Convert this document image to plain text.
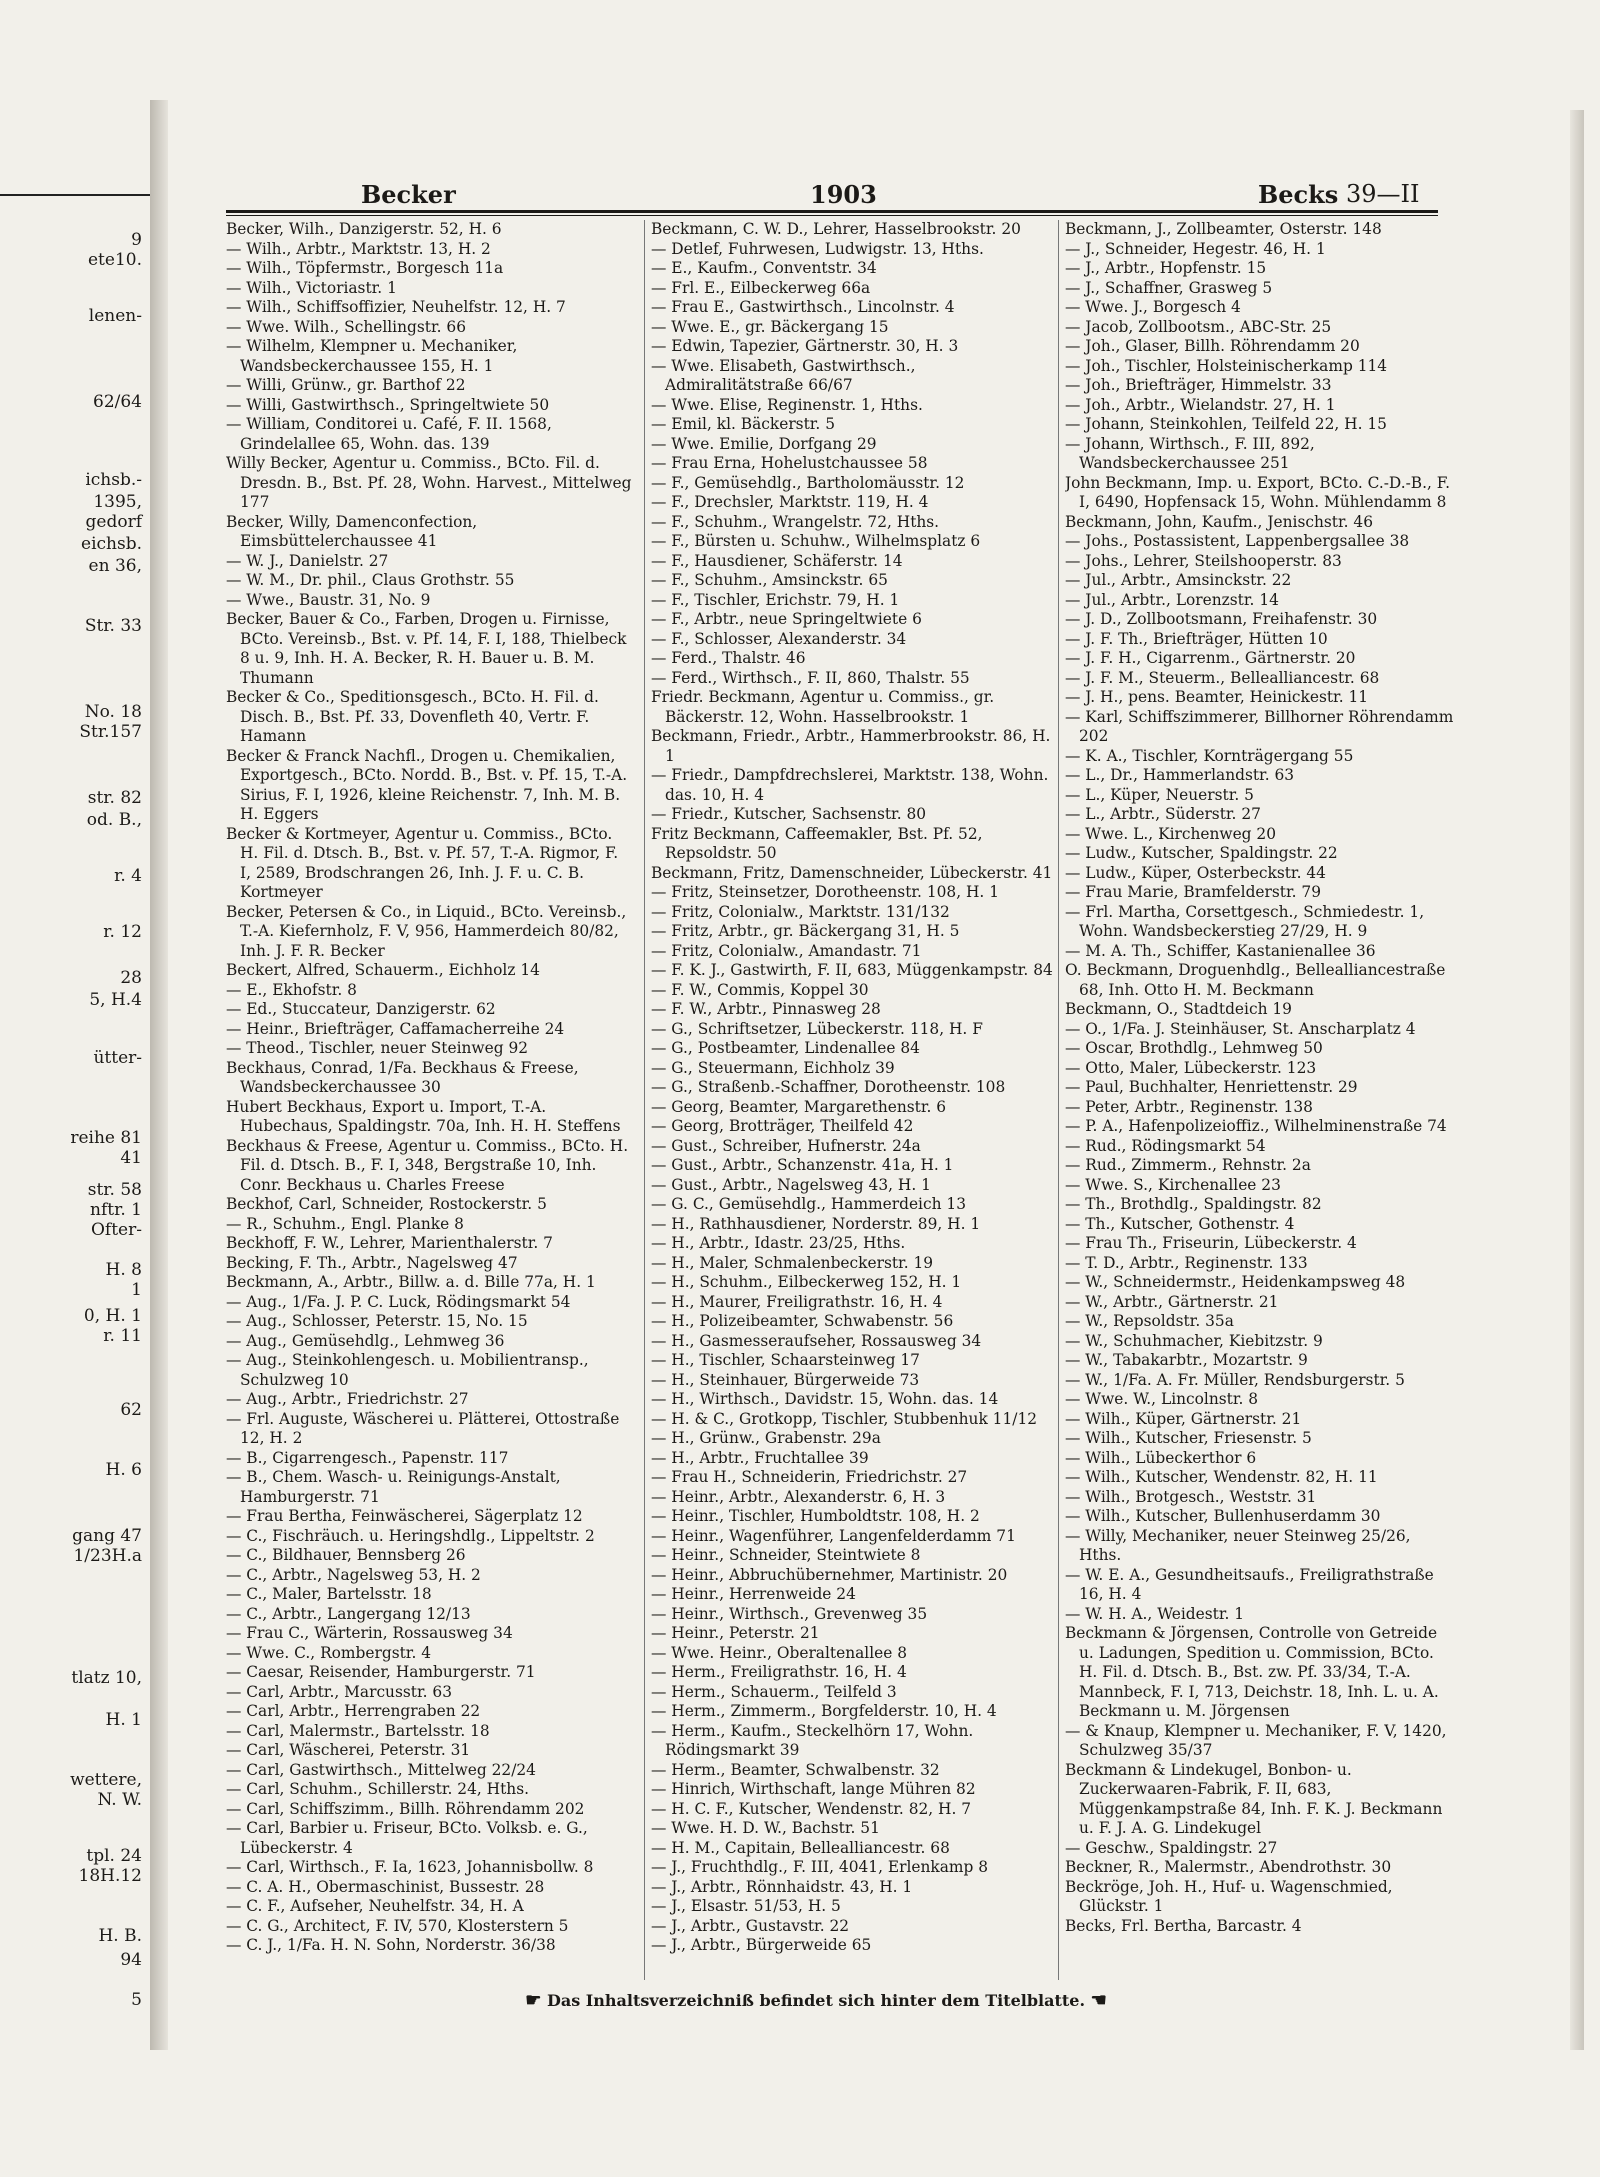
9
ete10.
lenen-
62/64
ichsb.-
1395,
gedorf
eichsb.
en 36,
Str. 33
No. 18
Str.157
str. 82
od. B.,
r. 4
r. 12
28
5, H.4
ütter-
reihe 81
41
str. 58
nftr. 1
Ofter-
H. 8
1
0, H. 1
r. 11
62
H. 6
gang 47
1/23H.a
tlatz 10,
H. 1
wettere,
N. W.
tpl. 24
18H.12
H. B.
94
5
Becker	1903	Becks 39—II

Becker, Wilh., Danzigerstr. 52, H. 6

— Wilh., Arbtr., Marktstr. 13, H. 2

— Wilh., Töpfermstr., Borgesch 11a

— Wilh., Victoriastr. 1

— Wilh., Schiffsoffizier, Neuhelfstr. 12, H. 7

— Wwe. Wilh., Schellingstr. 66

— Wilhelm, Klempner u. Mechaniker, Wandsbeckerchaussee 155, H. 1

— Willi, Grünw., gr. Barthof 22

— Willi, Gastwirthsch., Springeltwiete 50

— William, Conditorei u. Café, F. II. 1568, Grindelallee 65, Wohn. das. 139

Willy Becker, Agentur u. Commiss., BCto. Fil. d. Dresdn. B., Bst. Pf. 28, Wohn. Harvest., Mittelweg 177

Becker, Willy, Damenconfection, Eimsbüttelerchaussee 41

— W. J., Danielstr. 27

— W. M., Dr. phil., Claus Grothstr. 55

— Wwe., Baustr. 31, No. 9

Becker, Bauer & Co., Farben, Drogen u. Firnisse, BCto. Vereinsb., Bst. v. Pf. 14, F. I, 188, Thielbeck 8 u. 9, Inh. H. A. Becker, R. H. Bauer u. B. M. Thumann

Becker & Co., Speditionsgesch., BCto. H. Fil. d. Disch. B., Bst. Pf. 33, Dovenfleth 40, Vertr. F. Hamann

Becker & Franck Nachfl., Drogen u. Chemikalien, Exportgesch., BCto. Nordd. B., Bst. v. Pf. 15, T.-A. Sirius, F. I, 1926, kleine Reichenstr. 7, Inh. M. B. H. Eggers

Becker & Kortmeyer, Agentur u. Commiss., BCto. H. Fil. d. Dtsch. B., Bst. v. Pf. 57, T.-A. Rigmor, F. I, 2589, Brodschrangen 26, Inh. J. F. u. C. B. Kortmeyer

Becker, Petersen & Co., in Liquid., BCto. Vereinsb., T.-A. Kiefernholz, F. V, 956, Hammerdeich 80/82, Inh. J. F. R. Becker

Beckert, Alfred, Schauerm., Eichholz 14

— E., Ekhofstr. 8

— Ed., Stuccateur, Danzigerstr. 62

— Heinr., Briefträger, Caffamacherreihe 24

— Theod., Tischler, neuer Steinweg 92

Beckhaus, Conrad, 1/Fa. Beckhaus & Freese, Wandsbeckerchaussee 30

Hubert Beckhaus, Export u. Import, T.-A. Hubechaus, Spaldingstr. 70a, Inh. H. H. Steffens

Beckhaus & Freese, Agentur u. Commiss., BCto. H. Fil. d. Dtsch. B., F. I, 348, Bergstraße 10, Inh. Conr. Beckhaus u. Charles Freese

Beckhof, Carl, Schneider, Rostockerstr. 5

— R., Schuhm., Engl. Planke 8

Beckhoff, F. W., Lehrer, Marienthalerstr. 7

Becking, F. Th., Arbtr., Nagelsweg 47

Beckmann, A., Arbtr., Billw. a. d. Bille 77a, H. 1

— Aug., 1/Fa. J. P. C. Luck, Rödingsmarkt 54

— Aug., Schlosser, Peterstr. 15, No. 15

— Aug., Gemüsehdlg., Lehmweg 36

— Aug., Steinkohlengesch. u. Mobilientransp., Schulzweg 10

— Aug., Arbtr., Friedrichstr. 27

— Frl. Auguste, Wäscherei u. Plätterei, Ottostraße 12, H. 2

— B., Cigarrengesch., Papenstr. 117

— B., Chem. Wasch- u. Reinigungs-Anstalt, Hamburgerstr. 71

— Frau Bertha, Feinwäscherei, Sägerplatz 12

— C., Fischräuch. u. Heringshdlg., Lippeltstr. 2

— C., Bildhauer, Bennsberg 26

— C., Arbtr., Nagelsweg 53, H. 2

— C., Maler, Bartelsstr. 18

— C., Arbtr., Langergang 12/13

— Frau C., Wärterin, Rossausweg 34

— Wwe. C., Rombergstr. 4

— Caesar, Reisender, Hamburgerstr. 71

— Carl, Arbtr., Marcusstr. 63

— Carl, Arbtr., Herrengraben 22

— Carl, Malermstr., Bartelsstr. 18

— Carl, Wäscherei, Peterstr. 31

— Carl, Gastwirthsch., Mittelweg 22/24

— Carl, Schuhm., Schillerstr. 24, Hths.

— Carl, Schiffszimm., Billh. Röhrendamm 202

— Carl, Barbier u. Friseur, BCto. Volksb. e. G., Lübeckerstr. 4

— Carl, Wirthsch., F. Ia, 1623, Johannisbollw. 8

— C. A. H., Obermaschinist, Bussestr. 28

— C. F., Aufseher, Neuhelfstr. 34, H. A

— C. G., Architect, F. IV, 570, Klosterstern 5

— C. J., 1/Fa. H. N. Sohn, Norderstr. 36/38

Beckmann, C. W. D., Lehrer, Hasselbrookstr. 20

— Detlef, Fuhrwesen, Ludwigstr. 13, Hths.

— E., Kaufm., Conventstr. 34

— Frl. E., Eilbeckerweg 66a

— Frau E., Gastwirthsch., Lincolnstr. 4

— Wwe. E., gr. Bäckergang 15

— Edwin, Tapezier, Gärtnerstr. 30, H. 3

— Wwe. Elisabeth, Gastwirthsch., Admiralitätstraße 66/67

— Wwe. Elise, Reginenstr. 1, Hths.

— Emil, kl. Bäckerstr. 5

— Wwe. Emilie, Dorfgang 29

— Frau Erna, Hohelustchaussee 58

— F., Gemüsehdlg., Bartholomäusstr. 12

— F., Drechsler, Marktstr. 119, H. 4

— F., Schuhm., Wrangelstr. 72, Hths.

— F., Bürsten u. Schuhw., Wilhelmsplatz 6

— F., Hausdiener, Schäferstr. 14

— F., Schuhm., Amsinckstr. 65

— F., Tischler, Erichstr. 79, H. 1

— F., Arbtr., neue Springeltwiete 6

— F., Schlosser, Alexanderstr. 34

— Ferd., Thalstr. 46

— Ferd., Wirthsch., F. II, 860, Thalstr. 55

Friedr. Beckmann, Agentur u. Commiss., gr. Bäckerstr. 12, Wohn. Hasselbrookstr. 1

Beckmann, Friedr., Arbtr., Hammerbrookstr. 86, H. 1

— Friedr., Dampfdrechslerei, Marktstr. 138, Wohn. das. 10, H. 4

— Friedr., Kutscher, Sachsenstr. 80

Fritz Beckmann, Caffeemakler, Bst. Pf. 52, Repsoldstr. 50

Beckmann, Fritz, Damenschneider, Lübeckerstr. 41

— Fritz, Steinsetzer, Dorotheenstr. 108, H. 1

— Fritz, Colonialw., Marktstr. 131/132

— Fritz, Arbtr., gr. Bäckergang 31, H. 5

— Fritz, Colonialw., Amandastr. 71

— F. K. J., Gastwirth, F. II, 683, Müggenkampstr. 84

— F. W., Commis, Koppel 30

— F. W., Arbtr., Pinnasweg 28

— G., Schriftsetzer, Lübeckerstr. 118, H. F

— G., Postbeamter, Lindenallee 84

— G., Steuermann, Eichholz 39

— G., Straßenb.-Schaffner, Dorotheenstr. 108

— Georg, Beamter, Margarethenstr. 6

— Georg, Brotträger, Theilfeld 42

— Gust., Schreiber, Hufnerstr. 24a

— Gust., Arbtr., Schanzenstr. 41a, H. 1

— Gust., Arbtr., Nagelsweg 43, H. 1

— G. C., Gemüsehdlg., Hammerdeich 13

— H., Rathhausdiener, Norderstr. 89, H. 1

— H., Arbtr., Idastr. 23/25, Hths.

— H., Maler, Schmalenbeckerstr. 19

— H., Schuhm., Eilbeckerweg 152, H. 1

— H., Maurer, Freiligrathstr. 16, H. 4

— H., Polizeibeamter, Schwabenstr. 56

— H., Gasmesseraufseher, Rossausweg 34

— H., Tischler, Schaarsteinweg 17

— H., Steinhauer, Bürgerweide 73

— H., Wirthsch., Davidstr. 15, Wohn. das. 14

— H. & C., Grotkopp, Tischler, Stubbenhuk 11/12

— H., Grünw., Grabenstr. 29a

— H., Arbtr., Fruchtallee 39

— Frau H., Schneiderin, Friedrichstr. 27

— Heinr., Arbtr., Alexanderstr. 6, H. 3

— Heinr., Tischler, Humboldtstr. 108, H. 2

— Heinr., Wagenführer, Langenfelderdamm 71

— Heinr., Schneider, Steintwiete 8

— Heinr., Abbruchübernehmer, Martinistr. 20

— Heinr., Herrenweide 24

— Heinr., Wirthsch., Grevenweg 35

— Heinr., Peterstr. 21

— Wwe. Heinr., Oberaltenallee 8

— Herm., Freiligrathstr. 16, H. 4

— Herm., Schauerm., Teilfeld 3

— Herm., Zimmerm., Borgfelderstr. 10, H. 4

— Herm., Kaufm., Steckelhörn 17, Wohn. Rödingsmarkt 39

— Herm., Beamter, Schwalbenstr. 32

— Hinrich, Wirthschaft, lange Mühren 82

— H. C. F., Kutscher, Wendenstr. 82, H. 7

— Wwe. H. D. W., Bachstr. 51

— H. M., Capitain, Bellealliancestr. 68

— J., Fruchthdlg., F. III, 4041, Erlenkamp 8

— J., Arbtr., Rönnhaidstr. 43, H. 1

— J., Elsastr. 51/53, H. 5

— J., Arbtr., Gustavstr. 22

— J., Arbtr., Bürgerweide 65

Beckmann, J., Zollbeamter, Osterstr. 148

— J., Schneider, Hegestr. 46, H. 1

— J., Arbtr., Hopfenstr. 15

— J., Schaffner, Grasweg 5

— Wwe. J., Borgesch 4

— Jacob, Zollbootsm., ABC-Str. 25

— Joh., Glaser, Billh. Röhrendamm 20

— Joh., Tischler, Holsteinischerkamp 114

— Joh., Briefträger, Himmelstr. 33

— Joh., Arbtr., Wielandstr. 27, H. 1

— Johann, Steinkohlen, Teilfeld 22, H. 15

— Johann, Wirthsch., F. III, 892, Wandsbeckerchaussee 251

John Beckmann, Imp. u. Export, BCto. C.-D.-B., F. I, 6490, Hopfensack 15, Wohn. Mühlendamm 8

Beckmann, John, Kaufm., Jenischstr. 46

— Johs., Postassistent, Lappenbergsallee 38

— Johs., Lehrer, Steilshooperstr. 83

— Jul., Arbtr., Amsinckstr. 22

— Jul., Arbtr., Lorenzstr. 14

— J. D., Zollbootsmann, Freihafenstr. 30

— J. F. Th., Briefträger, Hütten 10

— J. F. H., Cigarrenm., Gärtnerstr. 20

— J. F. M., Steuerm., Bellealliancestr. 68

— J. H., pens. Beamter, Heinickestr. 11

— Karl, Schiffszimmerer, Billhorner Röhrendamm 202

— K. A., Tischler, Kornträgergang 55

— L., Dr., Hammerlandstr. 63

— L., Küper, Neuerstr. 5

— L., Arbtr., Süderstr. 27

— Wwe. L., Kirchenweg 20

— Ludw., Kutscher, Spaldingstr. 22

— Ludw., Küper, Osterbeckstr. 44

— Frau Marie, Bramfelderstr. 79

— Frl. Martha, Corsettgesch., Schmiedestr. 1, Wohn. Wandsbeckerstieg 27/29, H. 9

— M. A. Th., Schiffer, Kastanienallee 36

O. Beckmann, Droguenhdlg., Bellealliancestraße 68, Inh. Otto H. M. Beckmann

Beckmann, O., Stadtdeich 19

— O., 1/Fa. J. Steinhäuser, St. Anscharplatz 4

— Oscar, Brothdlg., Lehmweg 50

— Otto, Maler, Lübeckerstr. 123

— Paul, Buchhalter, Henriettenstr. 29

— Peter, Arbtr., Reginenstr. 138

— P. A., Hafenpolizeioffiz., Wilhelminenstraße 74

— Rud., Rödingsmarkt 54

— Rud., Zimmerm., Rehnstr. 2a

— Wwe. S., Kirchenallee 23

— Th., Brothdlg., Spaldingstr. 82

— Th., Kutscher, Gothenstr. 4

— Frau Th., Friseurin, Lübeckerstr. 4

— T. D., Arbtr., Reginenstr. 133

— W., Schneidermstr., Heidenkampsweg 48

— W., Arbtr., Gärtnerstr. 21

— W., Repsoldstr. 35a

— W., Schuhmacher, Kiebitzstr. 9

— W., Tabakarbtr., Mozartstr. 9

— W., 1/Fa. A. Fr. Müller, Rendsburgerstr. 5

— Wwe. W., Lincolnstr. 8

— Wilh., Küper, Gärtnerstr. 21

— Wilh., Kutscher, Friesenstr. 5

— Wilh., Lübeckerthor 6

— Wilh., Kutscher, Wendenstr. 82, H. 11

— Wilh., Brotgesch., Weststr. 31

— Wilh., Kutscher, Bullenhuserdamm 30

— Willy, Mechaniker, neuer Steinweg 25/26, Hths.

— W. E. A., Gesundheitsaufs., Freiligrathstraße 16, H. 4

— W. H. A., Weidestr. 1

Beckmann & Jörgensen, Controlle von Getreide u. Ladungen, Spedition u. Commission, BCto. H. Fil. d. Dtsch. B., Bst. zw. Pf. 33/34, T.-A. Mannbeck, F. I, 713, Deichstr. 18, Inh. L. u. A. Beckmann u. M. Jörgensen

— & Knaup, Klempner u. Mechaniker, F. V, 1420, Schulzweg 35/37

Beckmann & Lindekugel, Bonbon- u. Zuckerwaaren-Fabrik, F. II, 683, Müggenkampstraße 84, Inh. F. K. J. Beckmann u. F. J. A. G. Lindekugel

— Geschw., Spaldingstr. 27

Beckner, R., Malermstr., Abendrothstr. 30

Beckröge, Joh. H., Huf- u. Wagenschmied, Glückstr. 1

Becks, Frl. Bertha, Barcastr. 4

☛ Das Inhaltsverzeichniß befindet sich hinter dem Titelblatte. ☚
